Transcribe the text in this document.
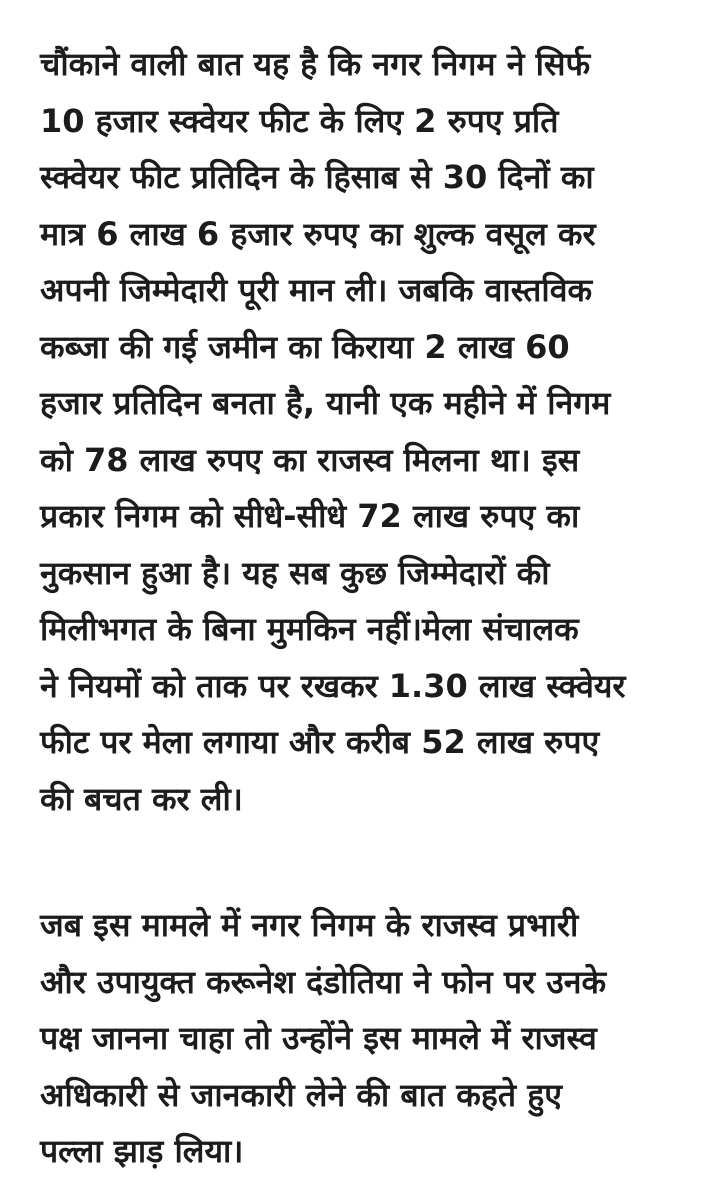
चौंकाने वाली बात यह है कि नगर निगम ने सिर्फ
10 हजार स्क्वेयर फीट के लिए 2 रुपए प्रति
स्क्वेयर फीट प्रतिदिन के हिसाब से 30 दिनों का
मात्र 6 लाख 6 हजार रुपए का शुल्क वसूल कर
अपनी जिम्मेदारी पूरी मान ली। जबकि वास्तविक
कब्जा की गई जमीन का किराया 2 लाख 60
हजार प्रतिदिन बनता है, यानी एक महीने में निगम
को 78 लाख रुपए का राजस्व मिलना था। इस
प्रकार निगम को सीधे-सीधे 72 लाख रुपए का
नुकसान हुआ है। यह सब कुछ जिम्मेदारों की
मिलीभगत के बिना मुमकिन नहीं।मेला संचालक
ने नियमों को ताक पर रखकर 1.30 लाख स्क्वेयर
फीट पर मेला लगाया और करीब 52 लाख रुपए
की बचत कर ली।

जब इस मामले में नगर निगम के राजस्व प्रभारी
और उपायुक्त करूनेश दंडोतिया ने फोन पर उनके
पक्ष जानना चाहा तो उन्होंने इस मामले में राजस्व
अधिकारी से जानकारी लेने की बात कहते हुए
पल्ला झाड़ लिया।
